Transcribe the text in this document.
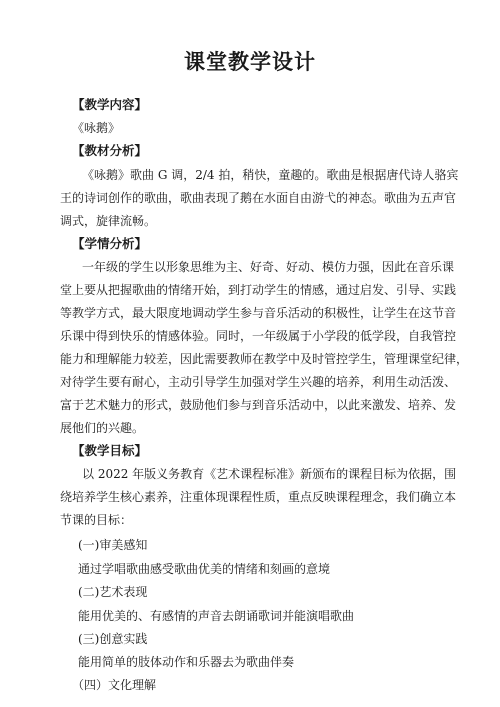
课堂教学设计
【教学内容】
《咏鹅》
【教材分析】
《咏鹅》歌曲 G 调，2/4 拍，稍快，童趣的。歌曲是根据唐代诗人骆宾
王的诗词创作的歌曲，歌曲表现了鹅在水面自由游弋的神态。歌曲为五声官
调式，旋律流畅。
【学情分析】
一年级的学生以形象思维为主、好奇、好动、模仿力强，因此在音乐课
堂上要从把握歌曲的情绪开始，到打动学生的情感，通过启发、引导、实践
等教学方式，最大限度地调动学生参与音乐活动的积极性，让学生在这节音
乐课中得到快乐的情感体验。同时，一年级属于小学段的低学段，自我管控
能力和理解能力较差，因此需要教师在教学中及时管控学生，管理课堂纪律，
对待学生要有耐心，主动引导学生加强对学生兴趣的培养，利用生动活泼、
富于艺术魅力的形式，鼓励他们参与到音乐活动中，以此来激发、培养、发
展他们的兴趣。
【教学目标】
以 2022 年版义务教育《艺术课程标准》新颁布的课程目标为依据，围
绕培养学生核心素养，注重体现课程性质，重点反映课程理念，我们确立本
节课的目标：
(一)审美感知
通过学唱歌曲感受歌曲优美的情绪和刻画的意境
(二)艺术表现
能用优美的、有感情的声音去朗诵歌词并能演唱歌曲
(三)创意实践
能用简单的肢体动作和乐器去为歌曲伴奏
（四）文化理解
